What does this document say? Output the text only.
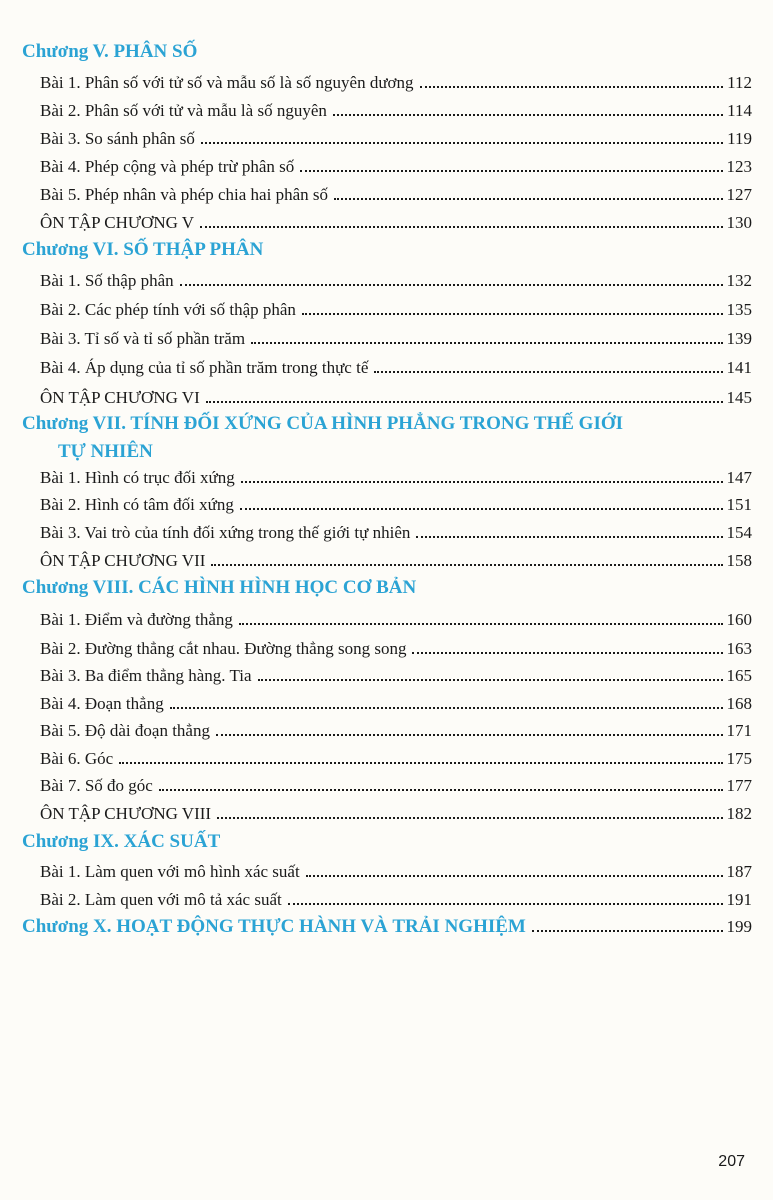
Chương V. PHÂN SỐ
Bài 1. Phân số với tử số và mẫu số là số nguyên dương	112
Bài 2. Phân số với tử và mẫu là số nguyên	114
Bài 3. So sánh phân số	119
Bài 4. Phép cộng và phép trừ phân số	123
Bài 5. Phép nhân và phép chia hai phân số	127
ÔN TẬP CHƯƠNG V	130
Chương VI. SỐ THẬP PHÂN
Bài 1. Số thập phân	132
Bài 2. Các phép tính với số thập phân	135
Bài 3. Tỉ số và tỉ số phần trăm	139
Bài 4. Áp dụng của tỉ số phần trăm trong thực tế	141
ÔN TẬP CHƯƠNG VI	145
Chương VII. TÍNH ĐỐI XỨNG CỦA HÌNH PHẲNG TRONG THẾ GIỚI
TỰ NHIÊN
Bài 1. Hình có trục đối xứng	147
Bài 2. Hình có tâm đối xứng	151
Bài 3. Vai trò của tính đối xứng trong thế giới tự nhiên	154
ÔN TẬP CHƯƠNG VII	158
Chương VIII. CÁC HÌNH HÌNH HỌC CƠ BẢN
Bài 1. Điểm và đường thẳng	160
Bài 2. Đường thẳng cắt nhau. Đường thẳng song song	163
Bài 3. Ba điểm thẳng hàng. Tia	165
Bài 4. Đoạn thẳng	168
Bài 5. Độ dài đoạn thẳng	171
Bài 6. Góc	175
Bài 7. Số đo góc	177
ÔN TẬP CHƯƠNG VIII	182
Chương IX. XÁC SUẤT
Bài 1. Làm quen với mô hình xác suất	187
Bài 2. Làm quen với mô tả xác suất	191
Chương X. HOẠT ĐỘNG THỰC HÀNH VÀ TRẢI NGHIỆM	199
207
